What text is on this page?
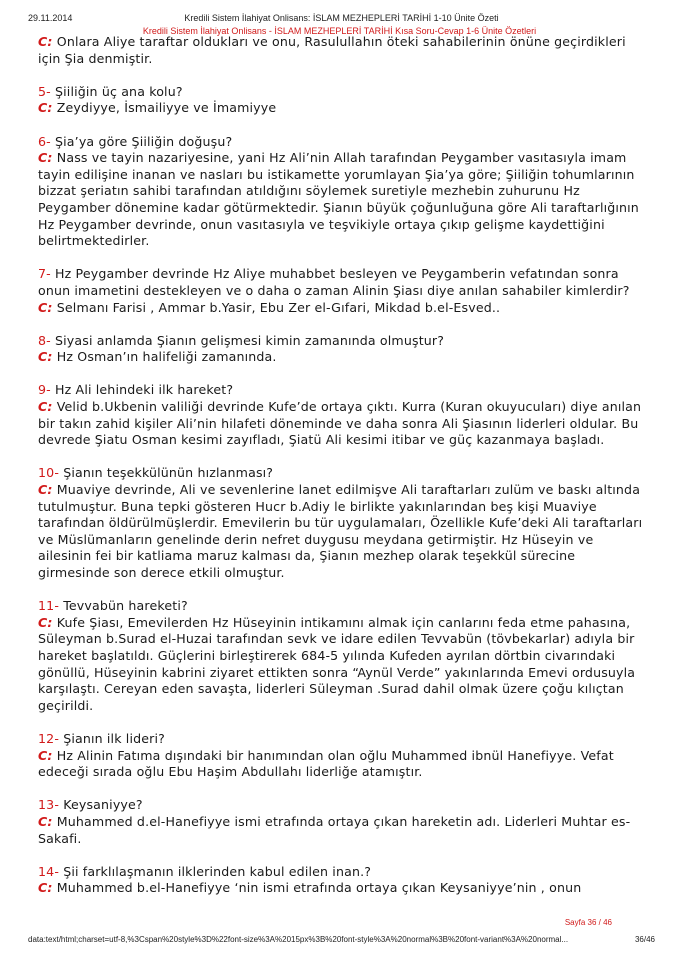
29.11.2014	Kredili Sistem İlahiyat Onlisans: İSLAM MEZHEPLERİ TARİHİ 1-10 Ünite Özeti
Kredili Sistem İlahiyat Onlisans - İSLAM MEZHEPLERİ TARİHİ Kısa Soru-Cevap 1-6 Ünite Özetleri
C: Onlara Aliye taraftar oldukları ve onu, Rasulullahın öteki sahabilerinin önüne geçirdikleri için Şia denmiştir.
5- Şiiliğin üç ana kolu?
C: Zeydiyye, İsmailiyye ve İmamiyye
6- Şia’ya göre Şiiliğin doğuşu?
C: Nass ve tayin nazariyesine, yani Hz Ali’nin Allah tarafından Peygamber vasıtasıyla imam tayin edilişine inanan ve nasları bu istikamette yorumlayan Şia’ya göre; Şiiliğin tohumlarının bizzat şeriatın sahibi tarafından atıldığını söylemek suretiyle mezhebin zuhurunu Hz Peygamber dönemine kadar götürmektedir. Şianın büyük çoğunluğuna göre Ali taraftarlığının Hz Peygamber devrinde, onun vasıtasıyla ve teşvikiyle ortaya çıkıp gelişme kaydettiğini belirtmektedirler.
7- Hz Peygamber devrinde Hz Aliye muhabbet besleyen ve Peygamberin vefatından sonra onun imametini destekleyen ve o daha o zaman Alinin Şiası diye anılan sahabiler kimlerdir?
C: Selmanı Farisi , Ammar b.Yasir, Ebu Zer el-Gıfari, Mikdad b.el-Esved..
8- Siyasi anlamda Şianın gelişmesi kimin zamanında olmuştur?
C: Hz Osman’ın halifeliği zamanında.
9- Hz Ali lehindeki ilk hareket?
C: Velid b.Ukbenin valiliği devrinde Kufe’de ortaya çıktı. Kurra (Kuran okuyucuları) diye anılan bir takın zahid kişiler Ali’nin hilafeti döneminde ve daha sonra Ali Şiasının liderleri oldular. Bu devrede Şiatu Osman kesimi zayıfladı, Şiatü Ali kesimi itibar ve güç kazanmaya başladı.
10- Şianın teşekkülünün hızlanması?
C: Muaviye devrinde, Ali ve sevenlerine lanet edilmişve Ali taraftarları zulüm ve baskı altında tutulmuştur. Buna tepki gösteren Hucr b.Adiy le birlikte yakınlarından beş kişi Muaviye tarafından öldürülmüşlerdir. Emevilerin bu tür uygulamaları, Özellikle Kufe’deki Ali taraftarları ve Müslümanların genelinde derin nefret duygusu meydana getirmiştir. Hz Hüseyin ve ailesinin fei bir katliama maruz kalması da, Şianın mezhep olarak teşekkül sürecine girmesinde son derece etkili olmuştur.
11- Tevvabün hareketi?
C: Kufe Şiası, Emevilerden Hz Hüseyinin intikamını almak için canlarını feda etme pahasına, Süleyman b.Surad el-Huzai tarafından sevk ve idare edilen Tevvabün (tövbekarlar) adıyla bir hareket başlatıldı. Güçlerini birleştirerek 684-5 yılında Kufeden ayrılan dörtbin civarındaki gönüllü, Hüseyinin kabrini ziyaret ettikten sonra “Aynül Verde” yakınlarında Emevi ordusuyla karşılaştı. Cereyan eden savaşta, liderleri Süleyman .Surad dahil olmak üzere çoğu kılıçtan geçirildi.
12- Şianın ilk lideri?
C: Hz Alinin Fatıma dışındaki bir hanımından olan oğlu Muhammed ibnül Hanefiyye. Vefat edeceği sırada oğlu Ebu Haşim Abdullahı liderliğe atamıştır.
13- Keysaniyye?
C: Muhammed d.el-Hanefiyye ismi etrafında ortaya çıkan hareketin adı. Liderleri Muhtar es-Sakafi.
14- Şii farklılaşmanın ilklerinden kabul edilen inan.?
C: Muhammed b.el-Hanefiyye ‘nin ismi etrafında ortaya çıkan Keysaniyye’nin , onun
Sayfa 36 / 46
data:text/html;charset=utf-8,%3Cspan%20style%3D%22font-size%3A%2015px%3B%20font-style%3A%20normal%3B%20font-variant%3A%20normal...	36/46
